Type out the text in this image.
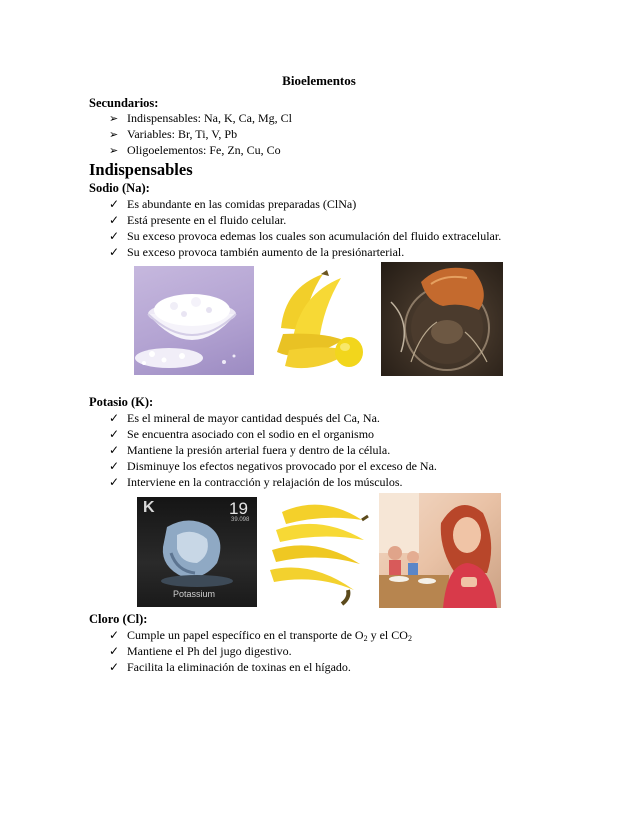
Bioelementos
Secundarios:
➢ Indispensables: Na, K, Ca, Mg, Cl
➢ Variables: Br, Ti, V, Pb
➢ Oligoelementos: Fe, Zn, Cu, Co
Indispensables
Sodio (Na):
✓ Es abundante en las comidas preparadas (ClNa)
✓ Está presente en el fluido celular.
✓ Su exceso provoca edemas los cuales son acumulación del fluido extracelular.
✓ Su exceso provoca también aumento de la presiónarterial.
Potasio (K):
✓ Es el mineral de mayor cantidad después del Ca, Na.
✓ Se encuentra asociado con el sodio en el organismo
✓ Mantiene la presión arterial fuera y dentro de la célula.
✓ Disminuye los efectos negativos provocado por el exceso de Na.
✓ Interviene en la contracción y relajación de los músculos.
K	19
39.098
Potassium
Cloro (Cl):
✓ Cumple un papel específico en el transporte de $O_2$ y el $CO_2$
✓ Mantiene el Ph del jugo digestivo.
✓ Facilita la eliminación de toxinas en el hígado.
